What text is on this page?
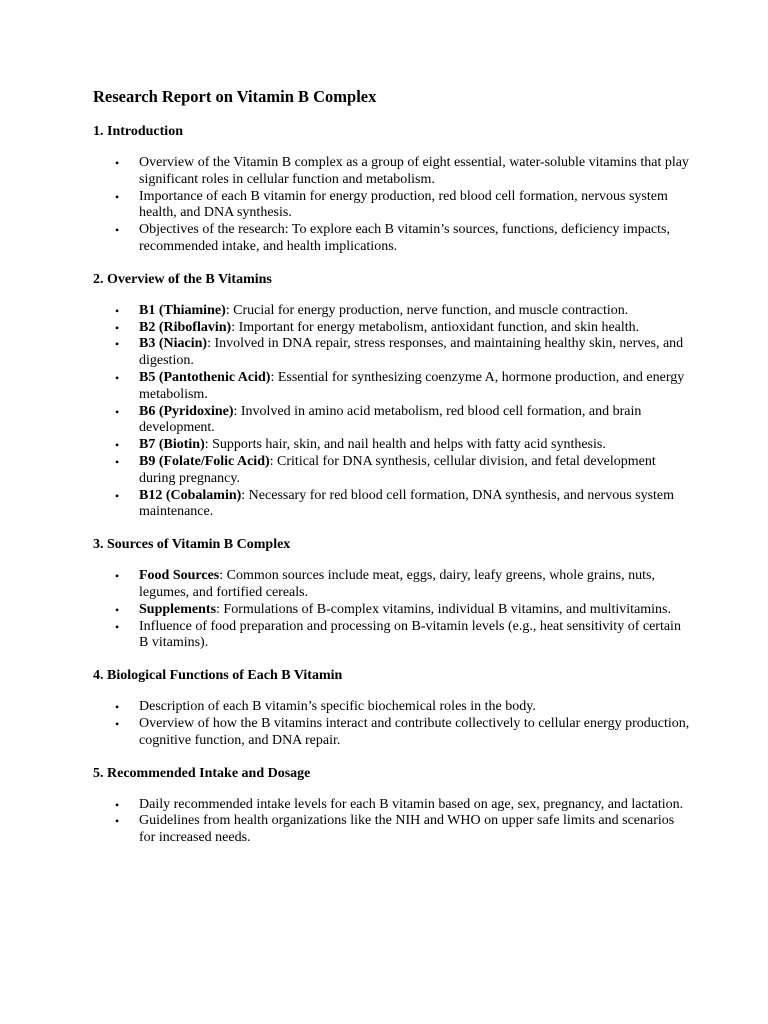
Research Report on Vitamin B Complex
1. Introduction
• Overview of the Vitamin B complex as a group of eight essential, water-soluble vitamins that play significant roles in cellular function and metabolism.
• Importance of each B vitamin for energy production, red blood cell formation, nervous system health, and DNA synthesis.
• Objectives of the research: To explore each B vitamin’s sources, functions, deficiency impacts, recommended intake, and health implications.
2. Overview of the B Vitamins
• B1 (Thiamine): Crucial for energy production, nerve function, and muscle contraction.
• B2 (Riboflavin): Important for energy metabolism, antioxidant function, and skin health.
• B3 (Niacin): Involved in DNA repair, stress responses, and maintaining healthy skin, nerves, and digestion.
• B5 (Pantothenic Acid): Essential for synthesizing coenzyme A, hormone production, and energy metabolism.
• B6 (Pyridoxine): Involved in amino acid metabolism, red blood cell formation, and brain development.
• B7 (Biotin): Supports hair, skin, and nail health and helps with fatty acid synthesis.
• B9 (Folate/Folic Acid): Critical for DNA synthesis, cellular division, and fetal development during pregnancy.
• B12 (Cobalamin): Necessary for red blood cell formation, DNA synthesis, and nervous system maintenance.
3. Sources of Vitamin B Complex
• Food Sources: Common sources include meat, eggs, dairy, leafy greens, whole grains, nuts, legumes, and fortified cereals.
• Supplements: Formulations of B-complex vitamins, individual B vitamins, and multivitamins.
• Influence of food preparation and processing on B-vitamin levels (e.g., heat sensitivity of certain B vitamins).
4. Biological Functions of Each B Vitamin
• Description of each B vitamin’s specific biochemical roles in the body.
• Overview of how the B vitamins interact and contribute collectively to cellular energy production, cognitive function, and DNA repair.
5. Recommended Intake and Dosage
• Daily recommended intake levels for each B vitamin based on age, sex, pregnancy, and lactation.
• Guidelines from health organizations like the NIH and WHO on upper safe limits and scenarios for increased needs.
